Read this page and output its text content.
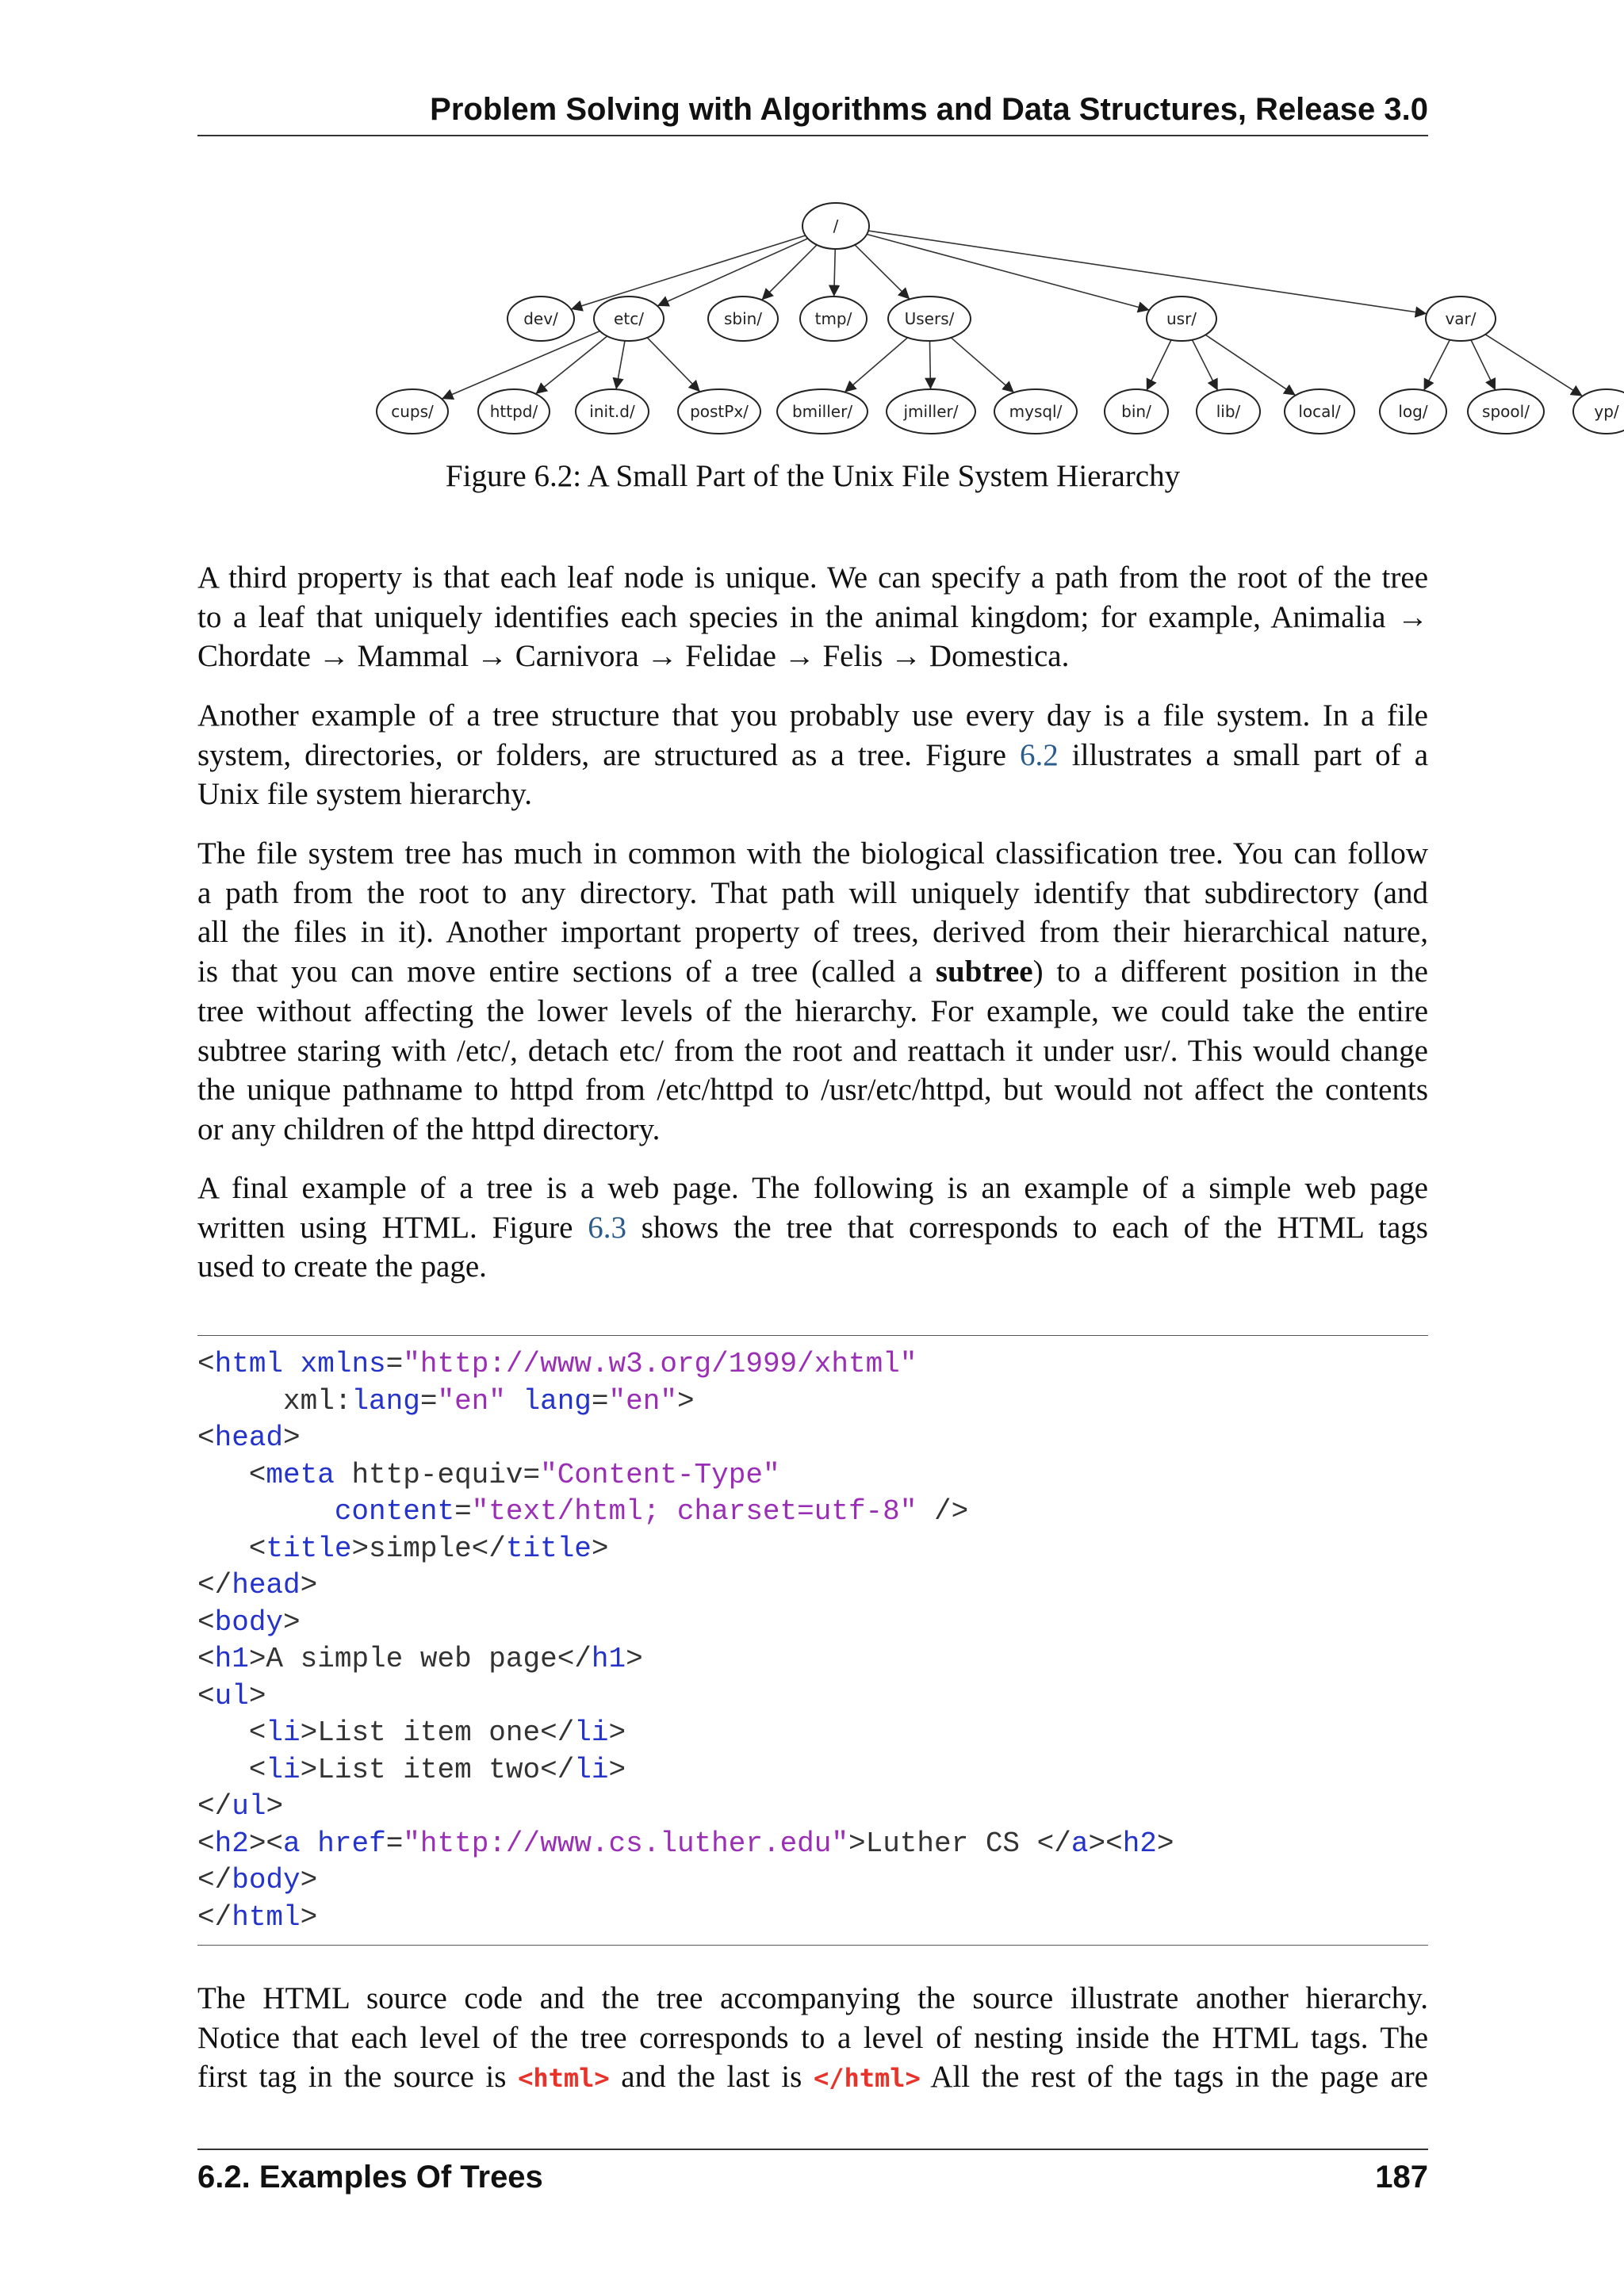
Problem Solving with Algorithms and Data Structures, Release 3.0
/
dev/	etc/	sbin/	tmp/	Users/	usr/	var/
cups/	httpd/	init.d/	postPx/	bmiller/	jmiller/	mysql/	bin/	lib/	local/	log/	spool/	yp/
Figure 6.2: A Small Part of the Unix File System Hierarchy

A third property is that each leaf node is unique. We can specify a path from the root of the tree
to a leaf that uniquely identifies each species in the animal kingdom; for example, Animalia →
Chordate → Mammal → Carnivora → Felidae → Felis → Domestica.

Another example of a tree structure that you probably use every day is a file system. In a file
system, directories, or folders, are structured as a tree. Figure 6.2 illustrates a small part of a
Unix file system hierarchy.

The file system tree has much in common with the biological classification tree. You can follow
a path from the root to any directory. That path will uniquely identify that subdirectory (and
all the files in it). Another important property of trees, derived from their hierarchical nature,
is that you can move entire sections of a tree (called a subtree) to a different position in the
tree without affecting the lower levels of the hierarchy. For example, we could take the entire
subtree staring with /etc/, detach etc/ from the root and reattach it under usr/. This would change
the unique pathname to httpd from /etc/httpd to /usr/etc/httpd, but would not affect the contents
or any children of the httpd directory.

A final example of a tree is a web page. The following is an example of a simple web page
written using HTML. Figure 6.3 shows the tree that corresponds to each of the HTML tags
used to create the page.

<html xmlns="http://www.w3.org/1999/xhtml"
xml:lang="en" lang="en">
<head>
<meta http-equiv="Content-Type"
content="text/html; charset=utf-8" />
<title>simple</title>
</head>
<body>
<h1>A simple web page</h1>
<ul>
<li>List item one</li>
<li>List item two</li>
</ul>
<h2><a href="http://www.cs.luther.edu">Luther CS </a><h2>
</body>
</html>

The HTML source code and the tree accompanying the source illustrate another hierarchy.
Notice that each level of the tree corresponds to a level of nesting inside the HTML tags. The
first tag in the source is <html> and the last is </html> All the rest of the tags in the page are

6.2. Examples Of Trees	187
